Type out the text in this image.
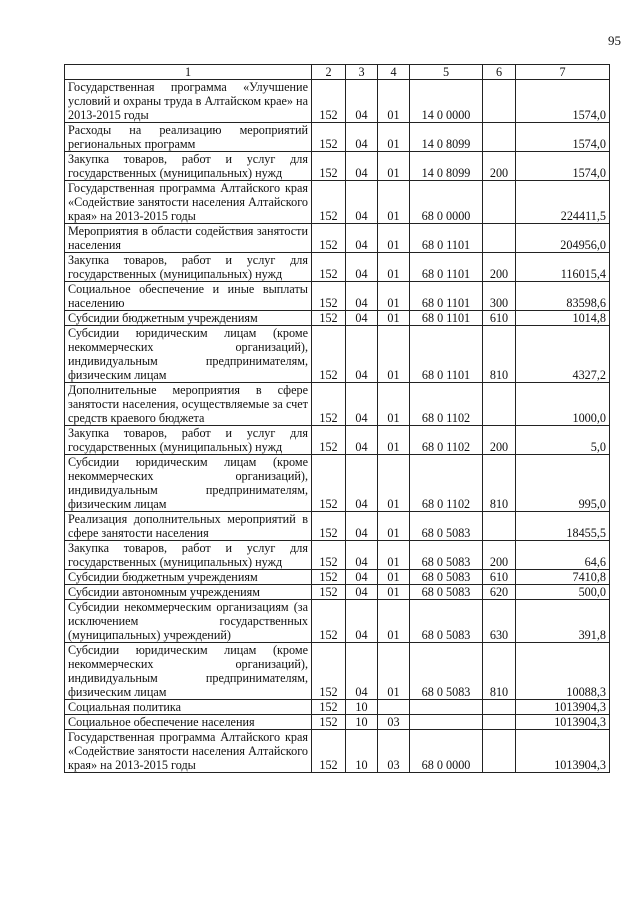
95
1	2	3	4	5	6	7
Государственная программа «Улучшение условий и охраны труда в Алтайском крае» на 2013-2015 годы	152	04	01	14 0 0000		1574,0
Расходы на реализацию мероприятий региональных программ	152	04	01	14 0 8099		1574,0
Закупка товаров, работ и услуг для государственных (муниципальных) нужд	152	04	01	14 0 8099	200	1574,0
Государственная программа Алтайского края «Содействие занятости населения Алтайского края» на 2013-2015 годы	152	04	01	68 0 0000		224411,5
Мероприятия в области содействия занятости населения	152	04	01	68 0 1101		204956,0
Закупка товаров, работ и услуг для государственных (муниципальных) нужд	152	04	01	68 0 1101	200	116015,4
Социальное обеспечение и иные выплаты населению	152	04	01	68 0 1101	300	83598,6
Субсидии бюджетным учреждениям	152	04	01	68 0 1101	610	1014,8
Субсидии юридическим лицам (кроме некоммерческих организаций), индивидуальным предпринимателям, физическим лицам	152	04	01	68 0 1101	810	4327,2
Дополнительные мероприятия в сфере занятости населения, осуществляемые за счет средств краевого бюджета	152	04	01	68 0 1102		1000,0
Закупка товаров, работ и услуг для государственных (муниципальных) нужд	152	04	01	68 0 1102	200	5,0
Субсидии юридическим лицам (кроме некоммерческих организаций), индивидуальным предпринимателям, физическим лицам	152	04	01	68 0 1102	810	995,0
Реализация дополнительных мероприятий в сфере занятости населения	152	04	01	68 0 5083		18455,5
Закупка товаров, работ и услуг для государственных (муниципальных) нужд	152	04	01	68 0 5083	200	64,6
Субсидии бюджетным учреждениям	152	04	01	68 0 5083	610	7410,8
Субсидии автономным учреждениям	152	04	01	68 0 5083	620	500,0
Субсидии некоммерческим организациям (за исключением государственных (муниципальных) учреждений)	152	04	01	68 0 5083	630	391,8
Субсидии юридическим лицам (кроме некоммерческих организаций), индивидуальным предпринимателям, физическим лицам	152	04	01	68 0 5083	810	10088,3
Социальная политика	152	10				1013904,3
Социальное обеспечение населения	152	10	03			1013904,3
Государственная программа Алтайского края «Содействие занятости населения Алтайского края» на 2013-2015 годы	152	10	03	68 0 0000		1013904,3
